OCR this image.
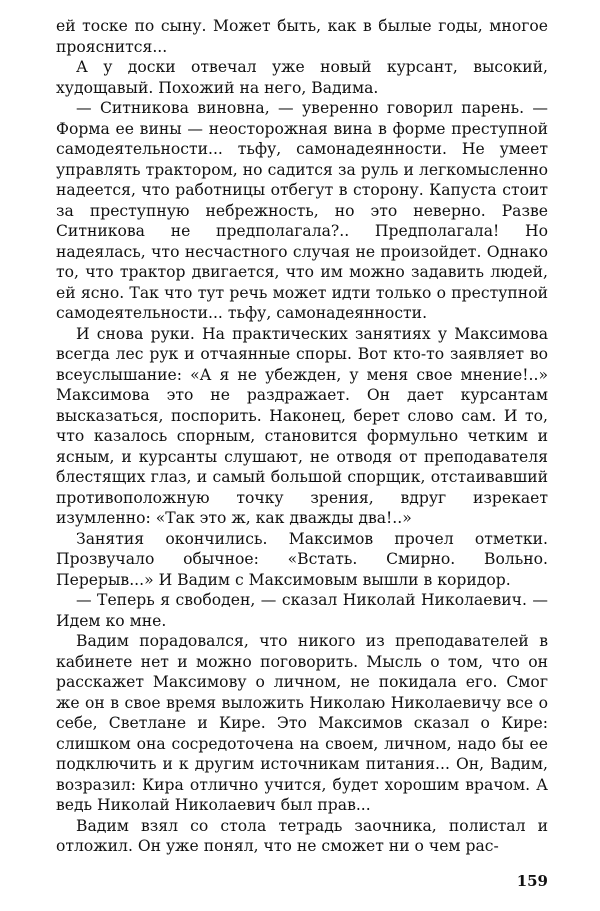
ей тоске по сыну. Может быть, как в былые годы, многое прояснится...

А у доски отвечал уже новый курсант, высокий, худощавый. Похожий на него, Вадима.

— Ситникова виновна, — уверенно говорил парень. — Форма ее вины — неосторожная вина в форме преступной самодеятельности... тьфу, самонадеянности. Не умеет управлять трактором, но садится за руль и легкомысленно надеется, что работницы отбегут в сторону. Капуста стоит за преступную небрежность, но это неверно. Разве Ситникова не предполагала?.. Предполагала! Но надеялась, что несчастного случая не произойдет. Однако то, что трактор двигается, что им можно задавить людей, ей ясно. Так что тут речь может идти только о преступной самодеятельности... тьфу, самонадеянности.

И снова руки. На практических занятиях у Максимова всегда лес рук и отчаянные споры. Вот кто-то заявляет во всеуслышание: «А я не убежден, у меня свое мнение!..» Максимова это не раздражает. Он дает курсантам высказаться, поспорить. Наконец, берет слово сам. И то, что казалось спорным, становится формульно четким и ясным, и курсанты слушают, не отводя от преподавателя блестящих глаз, и самый большой спорщик, отстаивавший противоположную точку зрения, вдруг изрекает изумленно: «Так это ж, как дважды два!..»

Занятия окончились. Максимов прочел отметки. Прозвучало обычное: «Встать. Смирно. Вольно. Перерыв...» И Вадим с Максимовым вышли в коридор.

— Теперь я свободен, — сказал Николай Николаевич. — Идем ко мне.

Вадим порадовался, что никого из преподавателей в кабинете нет и можно поговорить. Мысль о том, что он расскажет Максимову о личном, не покидала его. Смог же он в свое время выложить Николаю Николаевичу все о себе, Светлане и Кире. Это Максимов сказал о Кире: слишком она сосредоточена на своем, личном, надо бы ее подключить и к другим источникам питания... Он, Вадим, возразил: Кира отлично учится, будет хорошим врачом. А ведь Николай Николаевич был прав...

Вадим взял со стола тетрадь заочника, полистал и отложил. Он уже понял, что не сможет ни о чем рас-

159
